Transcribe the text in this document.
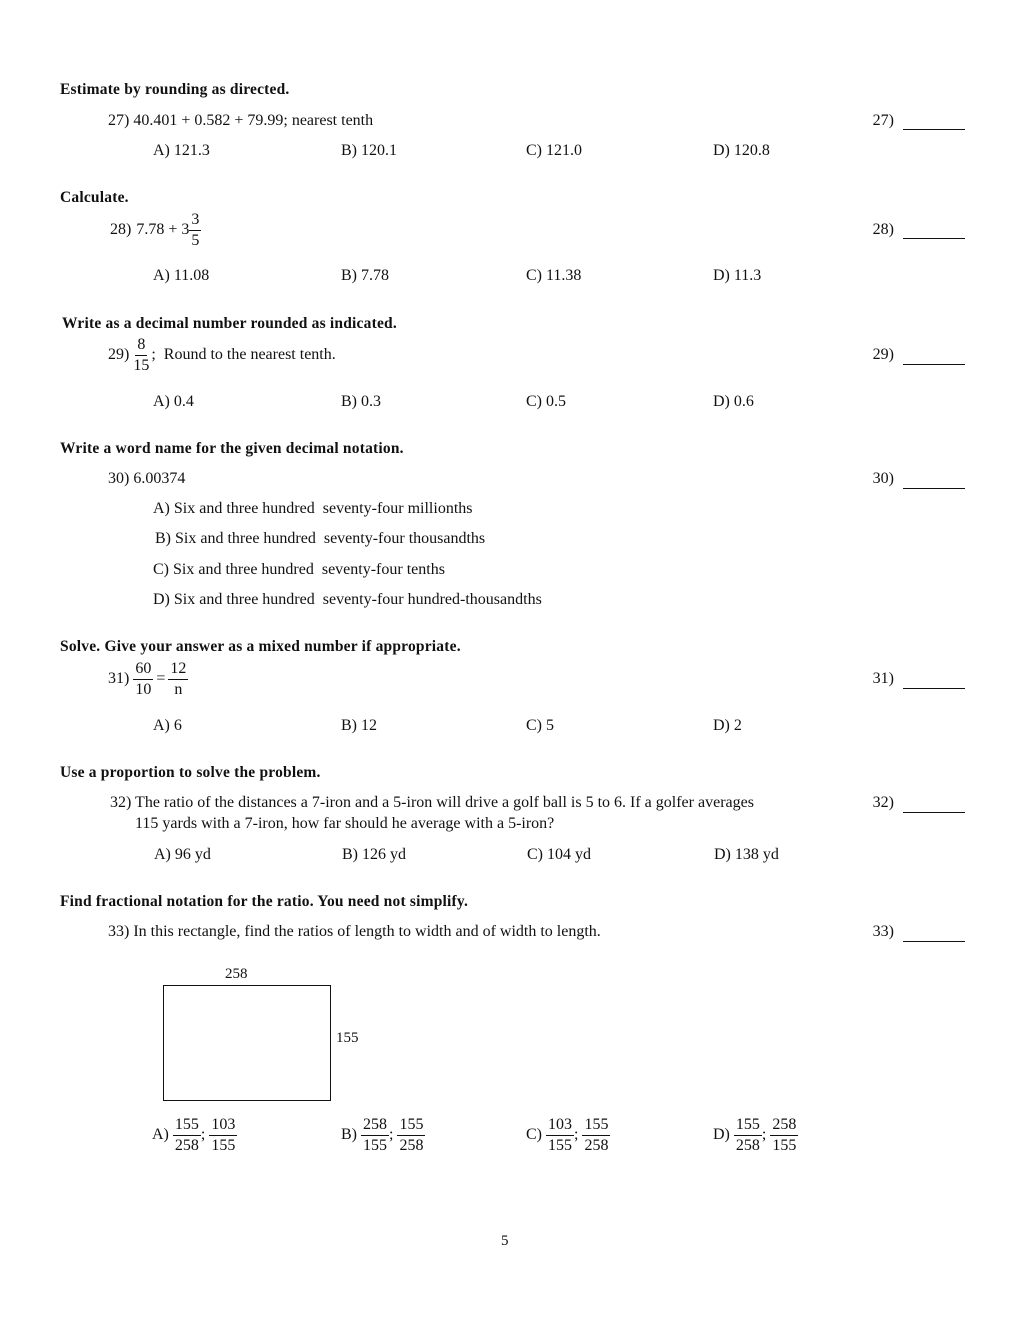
Estimate by rounding as directed.
27) 40.401 + 0.582 + 79.99; nearest tenth	27)
A) 121.3	B) 120.1	C) 121.0	D) 120.8
Calculate.
28) $7.78 + 3 \frac{3}{5}$	28)
A) 11.08	B) 7.78	C) 11.38	D) 11.3
Write as a decimal number rounded as indicated.
$29) \frac{8}{15}$ ;  Round to the nearest tenth.	29)
A) 0.4	B) 0.3	C) 0.5	D) 0.6
Write a word name for the given decimal notation.
30) 6.00374	30)
A) Six and three hundred  seventy-four millionths
B) Six and three hundred  seventy-four thousandths
C) Six and three hundred  seventy-four tenths
D) Six and three hundred  seventy-four hundred-thousandths
Solve. Give your answer as a mixed number if appropriate.
$31) \frac{60}{10} = \frac{12}{n}$	31)
A) 6	B) 12	C) 5	D) 2
Use a proportion to solve the problem.
32) The ratio of the distances a 7-iron and a 5-iron will drive a golf ball is 5 to 6. If a golfer averages
115 yards with a 7-iron, how far should he average with a 5-iron?
32)
A) 96 yd	B) 126 yd	C) 104 yd	D) 138 yd
Find fractional notation for the ratio. You need not simplify.
33) In this rectangle, find the ratios of length to width and of width to length.	33)
258
155
$A) \frac{155}{258}$ ; $\frac{103}{155}$	$B) \frac{258}{155}$ ; $\frac{155}{258}$	$C) \frac{103}{155}$ ; $\frac{155}{258}$	$D) \frac{155}{258}$ ; $\frac{258}{155}$
5
